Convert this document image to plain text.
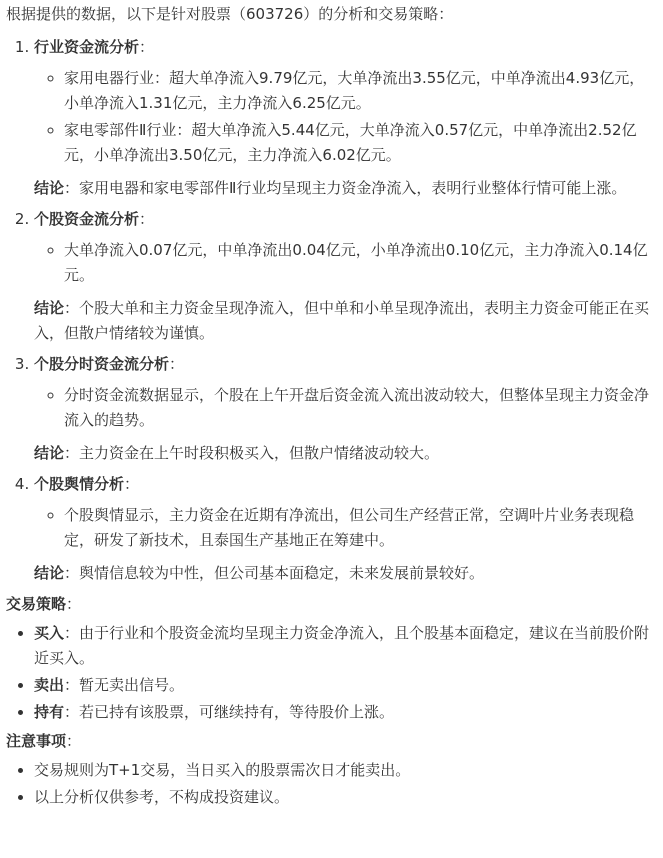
根据提供的数据，以下是针对股票（603726）的分析和交易策略：

1. 行业资金流分析：
◦ 家用电器行业：超大单净流入9.79亿元，大单净流出3.55亿元，中单净流出4.93亿元，小单净流入1.31亿元，主力净流入6.25亿元。
◦ 家电零部件Ⅱ行业：超大单净流入5.44亿元，大单净流入0.57亿元，中单净流出2.52亿元，小单净流出3.50亿元，主力净流入6.02亿元。

结论：家用电器和家电零部件Ⅱ行业均呈现主力资金净流入，表明行业整体行情可能上涨。

2. 个股资金流分析：
◦ 大单净流入0.07亿元，中单净流出0.04亿元，小单净流出0.10亿元，主力净流入0.14亿元。

结论：个股大单和主力资金呈现净流入，但中单和小单呈现净流出，表明主力资金可能正在买入，但散户情绪较为谨慎。

3. 个股分时资金流分析：
◦ 分时资金流数据显示，个股在上午开盘后资金流入流出波动较大，但整体呈现主力资金净流入的趋势。

结论：主力资金在上午时段积极买入，但散户情绪波动较大。

4. 个股舆情分析：
◦ 个股舆情显示，主力资金在近期有净流出，但公司生产经营正常，空调叶片业务表现稳定，研发了新技术，且泰国生产基地正在筹建中。

结论：舆情信息较为中性，但公司基本面稳定，未来发展前景较好。

交易策略：

• 买入：由于行业和个股资金流均呈现主力资金净流入，且个股基本面稳定，建议在当前股价附近买入。
• 卖出：暂无卖出信号。
• 持有：若已持有该股票，可继续持有，等待股价上涨。

注意事项：

• 交易规则为T+1交易，当日买入的股票需次日才能卖出。
• 以上分析仅供参考，不构成投资建议。
